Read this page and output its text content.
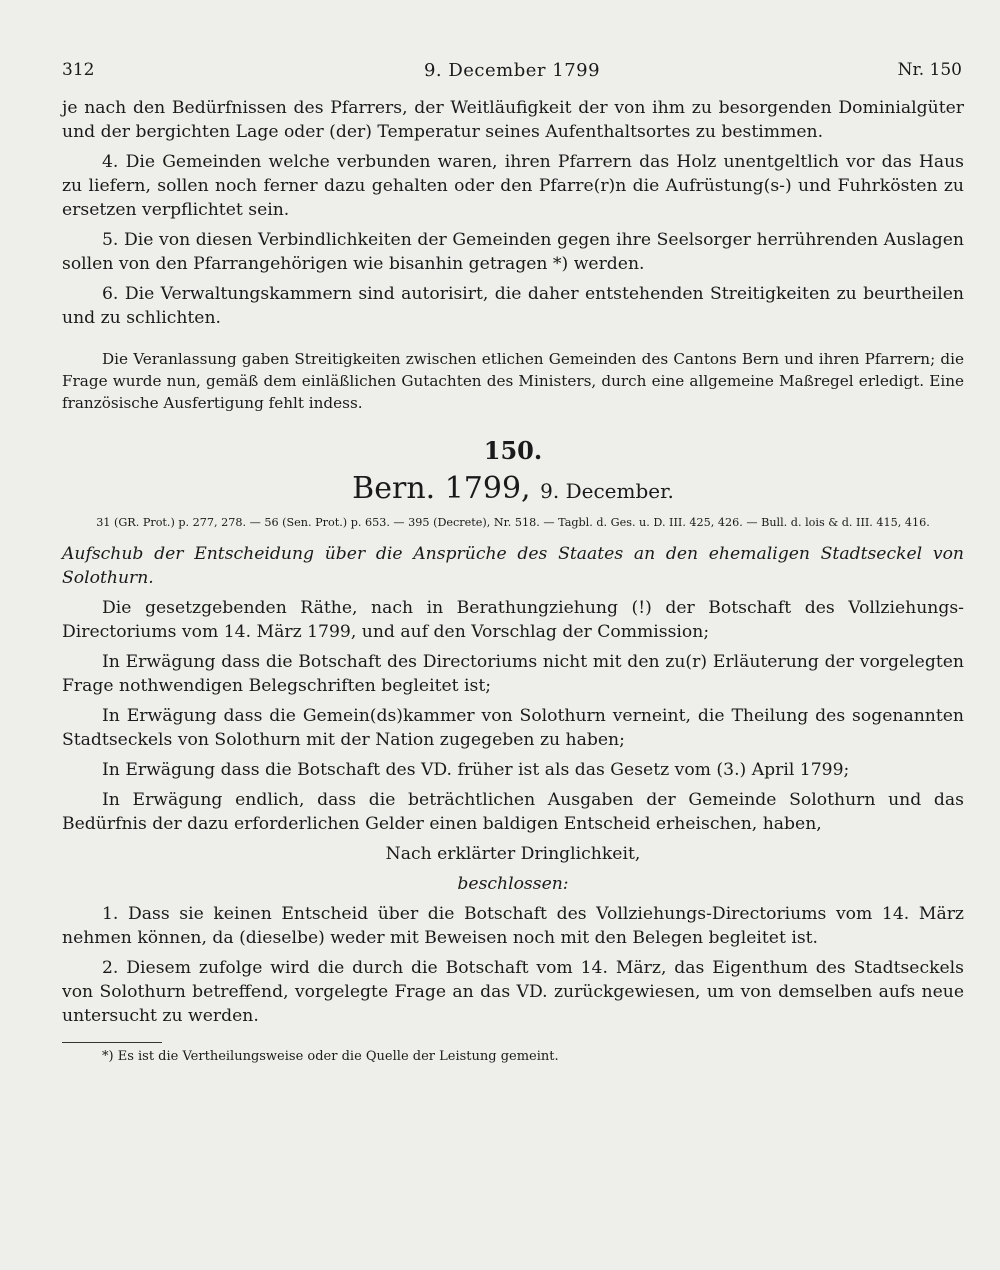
312	9. December 1799	Nr. 150

je nach den Bedürfnissen des Pfarrers, der Weitläufigkeit der von ihm zu besorgenden Dominialgüter und der bergichten Lage oder (der) Temperatur seines Aufenthaltsortes zu bestimmen.

4. Die Gemeinden welche verbunden waren, ihren Pfarrern das Holz unentgeltlich vor das Haus zu liefern, sollen noch ferner dazu gehalten oder den Pfarre(r)n die Aufrüstung(s-) und Fuhrkösten zu ersetzen verpflichtet sein.

5. Die von diesen Verbindlichkeiten der Gemeinden gegen ihre Seelsorger herrührenden Auslagen sollen von den Pfarrangehörigen wie bisanhin getragen *) werden.

6. Die Verwaltungskammern sind autorisirt, die daher entstehenden Streitigkeiten zu beurtheilen und zu schlichten.

Die Veranlassung gaben Streitigkeiten zwischen etlichen Gemeinden des Cantons Bern und ihren Pfarrern; die Frage wurde nun, gemäß dem einläßlichen Gutachten des Ministers, durch eine allgemeine Maßregel erledigt. Eine französische Ausfertigung fehlt indess.

150.
Bern. 1799, 9. December.
31 (GR. Prot.) p. 277, 278. — 56 (Sen. Prot.) p. 653. — 395 (Decrete), Nr. 518. — Tagbl. d. Ges. u. D. III. 425, 426. — Bull. d. lois & d. III. 415, 416.

Aufschub der Entscheidung über die Ansprüche des Staates an den ehemaligen Stadtseckel von Solothurn.

Die gesetzgebenden Räthe, nach in Berathungziehung (!) der Botschaft des Vollziehungs-Directoriums vom 14. März 1799, und auf den Vorschlag der Commission;

In Erwägung dass die Botschaft des Directoriums nicht mit den zu(r) Erläuterung der vorgelegten Frage nothwendigen Belegschriften begleitet ist;

In Erwägung dass die Gemein(ds)kammer von Solothurn verneint, die Theilung des sogenannten Stadtseckels von Solothurn mit der Nation zugegeben zu haben;

In Erwägung dass die Botschaft des VD. früher ist als das Gesetz vom (3.) April 1799;

In Erwägung endlich, dass die beträchtlichen Ausgaben der Gemeinde Solothurn und das Bedürfnis der dazu erforderlichen Gelder einen baldigen Entscheid erheischen, haben,

Nach erklärter Dringlichkeit,
beschlossen:

1. Dass sie keinen Entscheid über die Botschaft des Vollziehungs-Directoriums vom 14. März nehmen können, da (dieselbe) weder mit Beweisen noch mit den Belegen begleitet ist.

2. Diesem zufolge wird die durch die Botschaft vom 14. März, das Eigenthum des Stadtseckels von Solothurn betreffend, vorgelegte Frage an das VD. zurückgewiesen, um von demselben aufs neue untersucht zu werden.

*) Es ist die Vertheilungsweise oder die Quelle der Leistung gemeint.
